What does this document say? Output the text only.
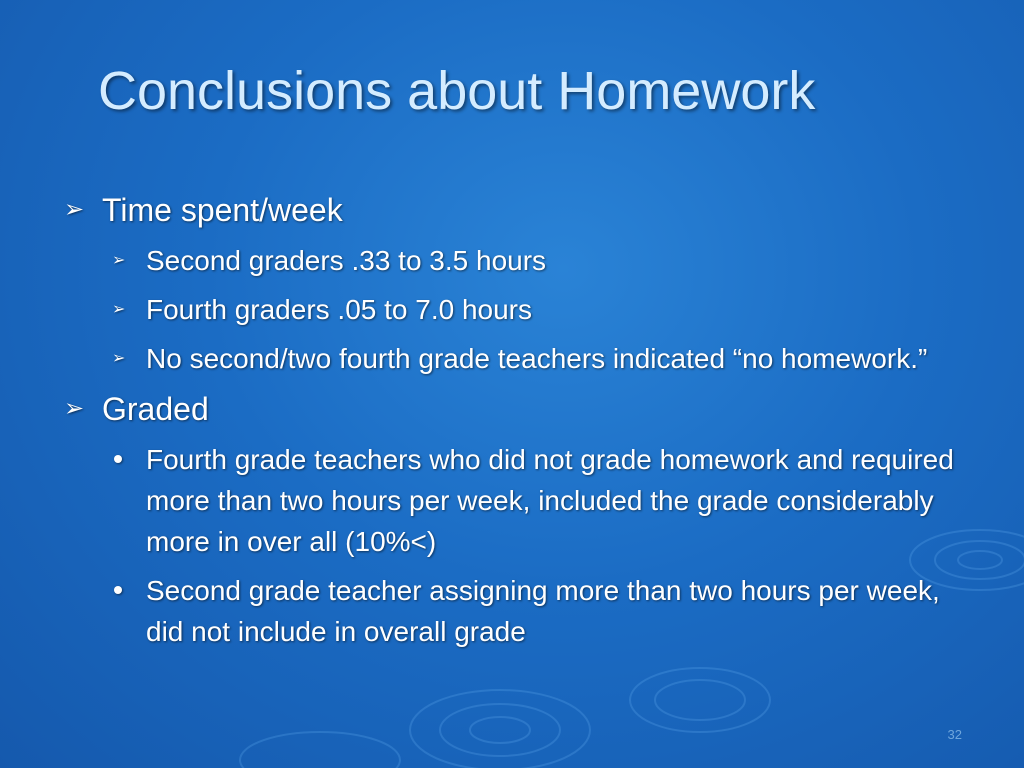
Conclusions about Homework
➢ Time spent/week
➢ Second graders .33 to 3.5 hours
➢ Fourth graders .05 to 7.0 hours
➢ No second/two fourth grade teachers indicated “no homework.”
➢ Graded
Fourth grade teachers who did not grade homework and required more than two hours per week, included the grade considerably more in over all (10%<)
Second grade teacher assigning more than two hours per week, did not include in overall grade
32
